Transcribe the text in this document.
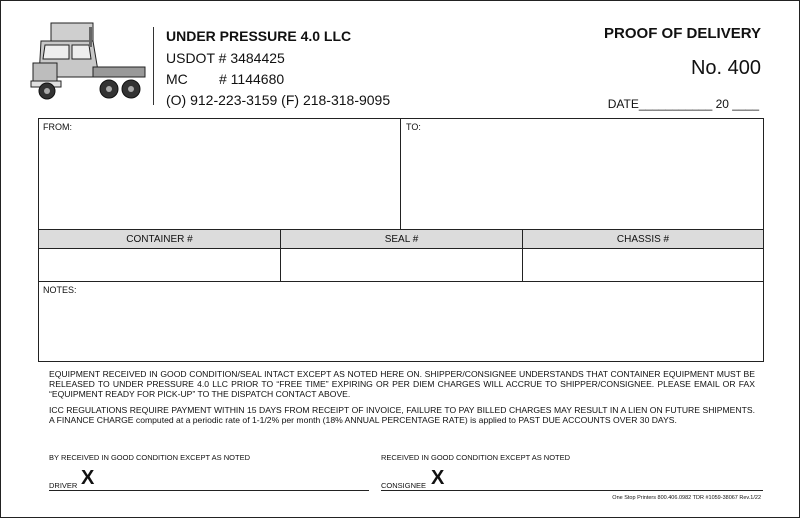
UNDER PRESSURE 4.0 LLC
USDOT # 3484425
MC # 1144680
(O) 912-223-3159 (F) 218-318-9095
PROOF OF DELIVERY
No. 400
DATE___________ 20 ____
FROM:	TO:
CONTAINER #	SEAL #	CHASSIS #
NOTES:
EQUIPMENT RECEIVED IN GOOD CONDITION/SEAL INTACT EXCEPT AS NOTED HERE ON. SHIPPER/CONSIGNEE UNDERSTANDS THAT CONTAINER EQUIPMENT MUST BE RELEASED TO UNDER PRESSURE 4.0 LLC PRIOR TO “FREE TIME” EXPIRING OR PER DIEM CHARGES WILL ACCRUE TO SHIPPER/CONSIGNEE. PLEASE EMAIL OR FAX “EQUIPMENT READY FOR PICK-UP” TO THE DISPATCH CONTACT ABOVE.
ICC REGULATIONS REQUIRE PAYMENT WITHIN 15 DAYS FROM RECEIPT OF INVOICE, FAILURE TO PAY BILLED CHARGES MAY RESULT IN A LIEN ON FUTURE SHIPMENTS. A FINANCE CHARGE computed at a periodic rate of 1-1/2% per month (18% ANNUAL PERCENTAGE RATE) is applied to PAST DUE ACCOUNTS OVER 30 DAYS.
BY RECEIVED IN GOOD CONDITION EXCEPT AS NOTED	RECEIVED IN GOOD CONDITION EXCEPT AS NOTED
DRIVER X	CONSIGNEE X
One Stop Printers 800.406.0982 TDR #1059-38067 Rev.1/22
